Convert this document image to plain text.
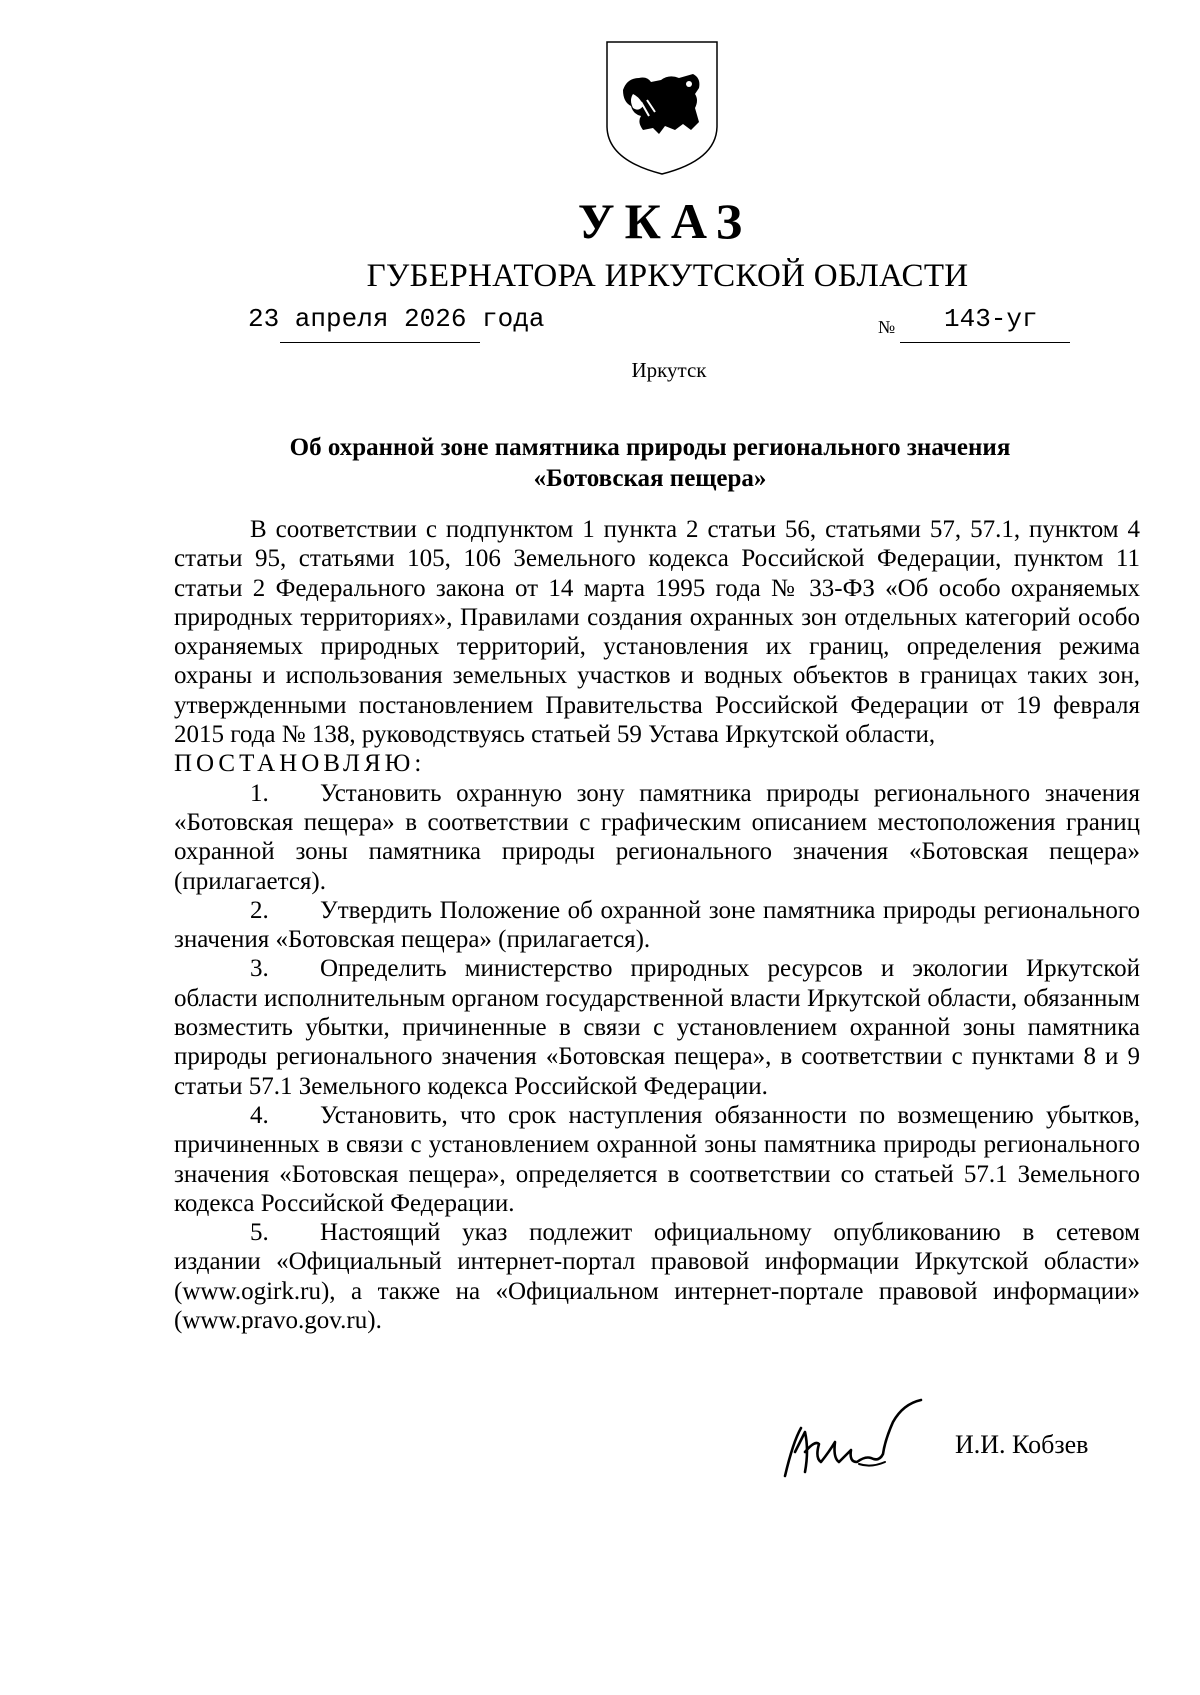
УКАЗ
ГУБЕРНАТОРА ИРКУТСКОЙ ОБЛАСТИ
23 апреля 2026 года	№ 143-уг
Иркутск
Об охранной зоне памятника природы регионального значения
«Ботовская пещера»

В соответствии с подпунктом 1 пункта 2 статьи 56, статьями 57, 57.1, пунктом 4 статьи 95, статьями 105, 106 Земельного кодекса Российской Федерации, пунктом 11 статьи 2 Федерального закона от 14 марта 1995 года № 33-ФЗ «Об особо охраняемых природных территориях», Правилами создания охранных зон отдельных категорий особо охраняемых природных территорий, установления их границ, определения режима охраны и использования земельных участков и водных объектов в границах таких зон, утвержденными постановлением Правительства Российской Федерации от 19 февраля 2015 года № 138, руководствуясь статьей 59 Устава Иркутской области,

ПОСТАНОВЛЯЮ:

1. Установить охранную зону памятника природы регионального значения «Ботовская пещера» в соответствии с графическим описанием местоположения границ охранной зоны памятника природы регионального значения «Ботовская пещера» (прилагается).

2. Утвердить Положение об охранной зоне памятника природы регионального значения «Ботовская пещера» (прилагается).

3. Определить министерство природных ресурсов и экологии Иркутской области исполнительным органом государственной власти Иркутской области, обязанным возместить убытки, причиненные в связи с установлением охранной зоны памятника природы регионального значения «Ботовская пещера», в соответствии с пунктами 8 и 9 статьи 57.1 Земельного кодекса Российской Федерации.

4. Установить, что срок наступления обязанности по возмещению убытков, причиненных в связи с установлением охранной зоны памятника природы регионального значения «Ботовская пещера», определяется в соответствии со статьей 57.1 Земельного кодекса Российской Федерации.

5. Настоящий указ подлежит официальному опубликованию в сетевом издании «Официальный интернет-портал правовой информации Иркутской области» (www.ogirk.ru), а также на «Официальном интернет-портале правовой информации» (www.pravo.gov.ru).

И.И. Кобзев
